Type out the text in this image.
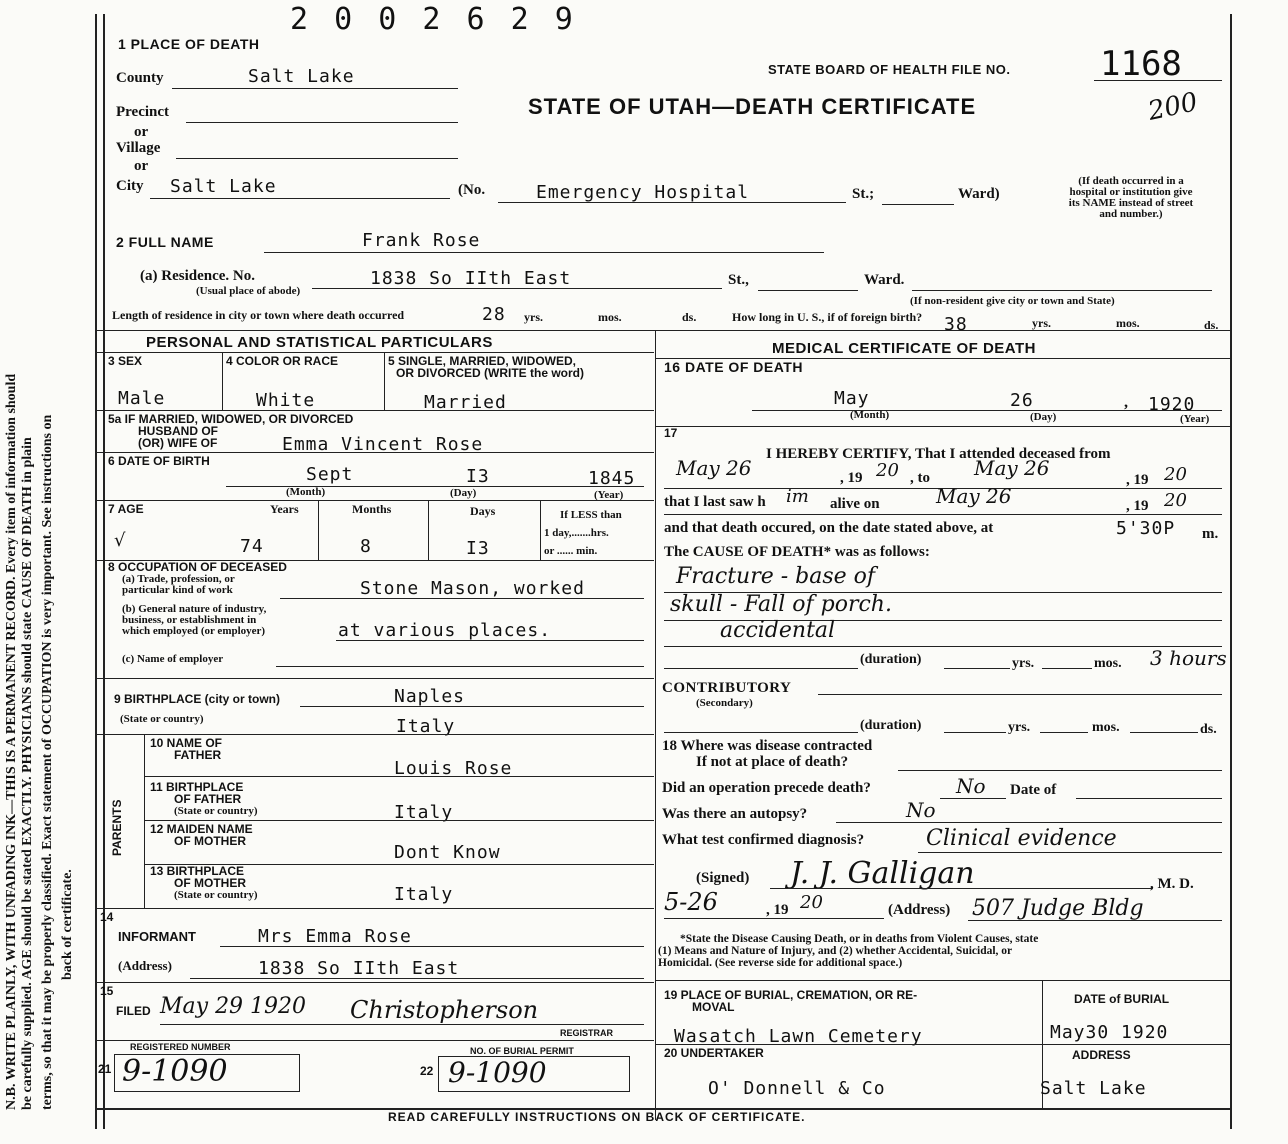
N.B. WRITE PLAINLY, WITH UNFADING INK—THIS IS A PERMANENT RECORD. Every item of information should be carefully supplied. AGE should be stated EXACTLY. PHYSICIANS should state CAUSE OF DEATH in plain terms, so that it may be properly classified. Exact statement of OCCUPATION is very important. See instructions on back of certificate.
2 0 0 2 6 2 9
1 PLACE OF DEATH
STATE BOARD OF HEALTH FILE NO.	1168
STATE OF UTAH—DEATH CERTIFICATE	200
County	Salt Lake
Precinct
or
Village
or
City Salt Lake	(No.	Emergency Hospital	St.;	Ward)
(If death occurred in a
hospital or institution give
its NAME instead of street
and number.)
2 FULL NAME	Frank Rose
(a) Residence. No.	1838 So IIth East	St.,	Ward.
(Usual place of abode)
(If non-resident give city or town and State)
Length of residence in city or town where death occurred	28 yrs.	mos.	ds.	How long in U. S., if of foreign birth? 38	yrs.	mos.	ds.
PERSONAL AND STATISTICAL PARTICULARS	MEDICAL CERTIFICATE OF DEATH
3 SEX	4 COLOR OR RACE	5 SINGLE, MARRIED, WIDOWED,
OR DIVORCED (WRITE the word)
Male	White	Married
5a IF MARRIED, WIDOWED, OR DIVORCED
HUSBAND OF
(OR) WIFE OF	Emma Vincent Rose
6 DATE OF BIRTH
Sept	I3	1845
(Month)	(Day)	(Year)
7 AGE	Years	Months	Days	If LESS than
1 day,.......hrs.
or ...... min.
√	74	8	I3
8 OCCUPATION OF DECEASED
(a) Trade, profession, or
particular kind of work	Stone Mason, worked
(b) General nature of industry,
business, or establishment in
which employed (or employer)	at various places.
(c) Name of employer
9 BIRTHPLACE (city or town)	Naples
(State or country)	Italy
PARENTS
10 NAME OF
FATHER
Louis Rose
11 BIRTHPLACE
OF FATHER
(State or country)	Italy
12 MAIDEN NAME
OF MOTHER
Dont Know
13 BIRTHPLACE
OF MOTHER
(State or country)	Italy
14
INFORMANT	Mrs Emma Rose
(Address)	1838 So IIth East
15
FILED May 29 1920 Christopherson
REGISTRAR
REGISTERED NUMBER	NO. OF BURIAL PERMIT
21 9-1090	22 9-1090
16 DATE OF DEATH
May	26	1920
,
(Month)	(Day)	(Year)
17
I HEREBY CERTIFY, That I attended deceased from
May 26	, 19 20 , to May 26	, 19 20
that I last saw h im alive on	May 26	, 19 20
and that death occured, on the date stated above, at	5'30P m.
The CAUSE OF DEATH* was as follows:
Fracture - base of
skull - Fall of porch.
accidental
(duration)	yrs.	mos. 3 hours
CONTRIBUTORY
(Secondary)
(duration)	yrs.	mos.	ds.
18 Where was disease contracted
If not at place of death?
Did an operation precede death?	No Date of
Was there an autopsy?	No
What test confirmed diagnosis?	Clinical evidence
(Signed) J. J. Galligan	, M. D.
5-26	, 19 20	(Address) 507 Judge Bldg
*State the Disease Causing Death, or in deaths from Violent Causes, state
(1) Means and Nature of Injury, and (2) whether Accidental, Suicidal, or
Homicidal. (See reverse side for additional space.)
19 PLACE OF BURIAL, CREMATION, OR RE-
MOVAL
DATE of BURIAL
Wasatch Lawn Cemetery	May30 1920
20 UNDERTAKER	ADDRESS
O' Donnell & Co	Salt Lake
READ CAREFULLY INSTRUCTIONS ON BACK OF CERTIFICATE.
